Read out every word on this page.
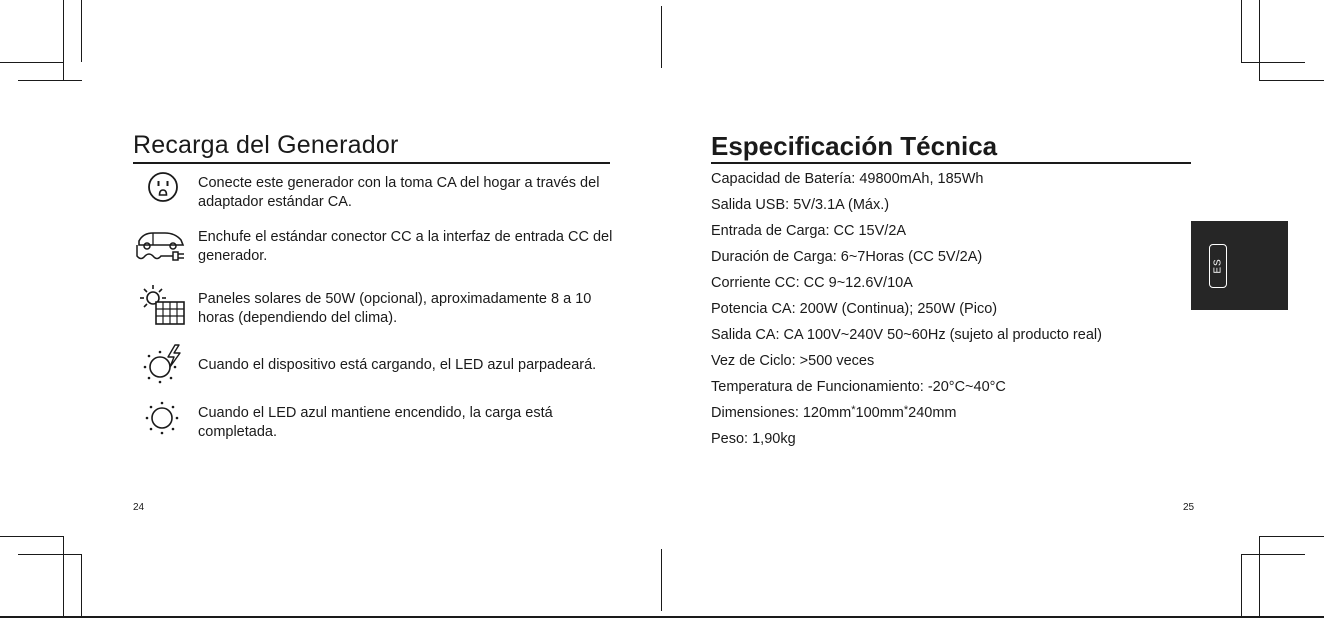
Recarga del Generador
Conecte este generador con la toma CA del hogar a través del adaptador estándar CA.
Enchufe el estándar conector CC a la interfaz de entrada CC del generador.
Paneles solares de 50W (opcional), aproximadamente 8 a 10 horas (dependiendo del clima).
Cuando el dispositivo está cargando, el LED azul parpadeará.
Cuando el LED azul mantiene encendido, la carga está completada.
24
Especificación Técnica
Capacidad de Batería: 49800mAh, 185Wh
Salida USB: 5V/3.1A (Máx.)
Entrada de Carga: CC 15V/2A
Duración de Carga: 6~7Horas (CC 5V/2A)
Corriente CC: CC 9~12.6V/10A
Potencia CA: 200W (Continua); 250W (Pico)
Salida CA: CA 100V~240V 50~60Hz (sujeto al producto real)
Vez de Ciclo: >500 veces
Temperatura de Funcionamiento: -20°C~40°C
Dimensiones: 120mm*100mm*240mm
Peso: 1,90kg
ES
25
